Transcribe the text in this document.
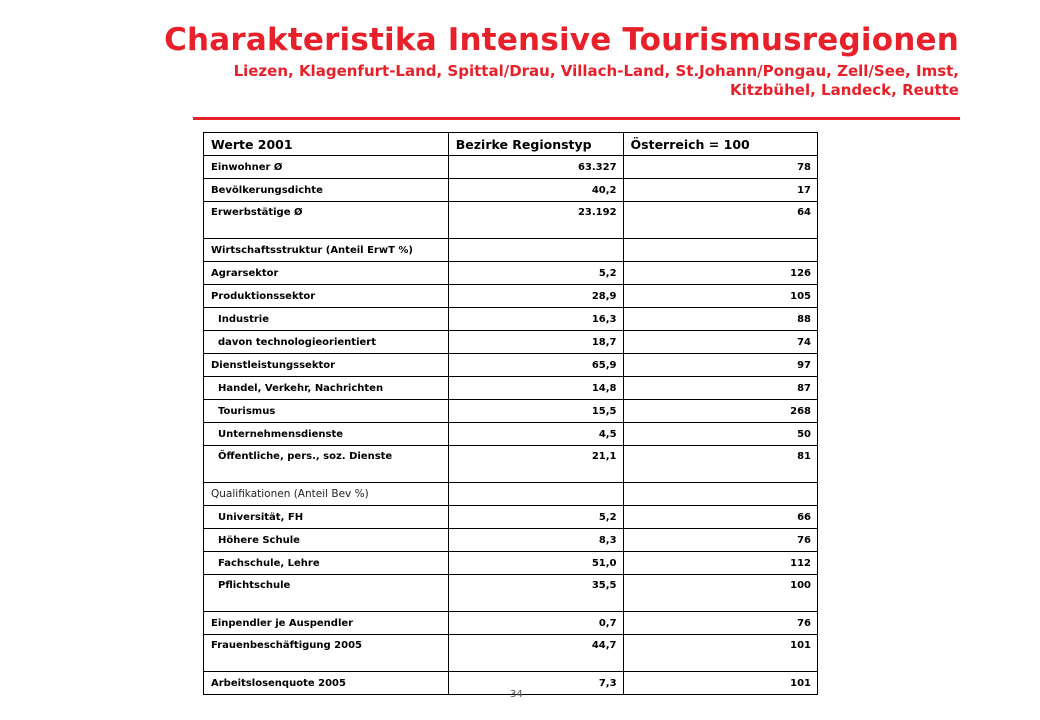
Charakteristika Intensive Tourismusregionen
Liezen, Klagenfurt-Land, Spittal/Drau, Villach-Land, St.Johann/Pongau, Zell/See, Imst, Kitzbühel, Landeck, Reutte
Werte 2001	Bezirke Regionstyp	Österreich = 100
Einwohner Ø	63.327	78
Bevölkerungsdichte	40,2	17
Erwerbstätige Ø	23.192	64
Wirtschaftsstruktur (Anteil ErwT %)		
Agrarsektor	5,2	126
Produktionssektor	28,9	105
Industrie	16,3	88
davon technologieorientiert	18,7	74
Dienstleistungssektor	65,9	97
Handel, Verkehr, Nachrichten	14,8	87
Tourismus	15,5	268
Unternehmensdienste	4,5	50
Öffentliche, pers., soz. Dienste	21,1	81
Qualifikationen (Anteil Bev %)		
Universität, FH	5,2	66
Höhere Schule	8,3	76
Fachschule, Lehre	51,0	112
Pflichtschule	35,5	100
Einpendler je Auspendler	0,7	76
Frauenbeschäftigung 2005	44,7	101
Arbeitslosenquote 2005	7,3	101
34
